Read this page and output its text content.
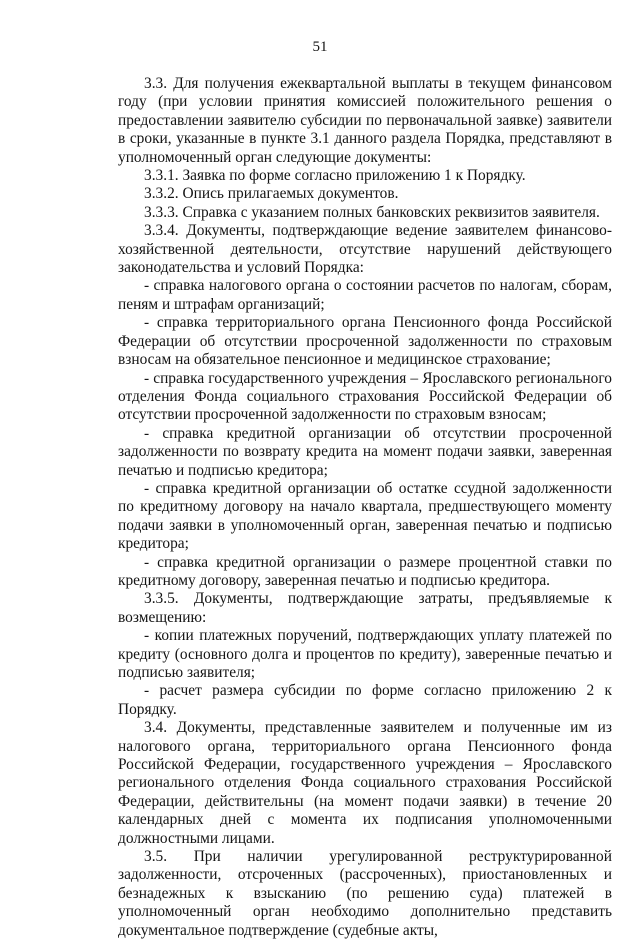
51

3.3. Для получения ежеквартальной выплаты в текущем финансовом году (при условии принятия комиссией положительного решения о предоставлении заявителю субсидии по первоначальной заявке) заявители в сроки, указанные в пункте 3.1 данного раздела Порядка, представляют в уполномоченный орган следующие документы:

3.3.1. Заявка по форме согласно приложению 1 к Порядку.

3.3.2. Опись прилагаемых документов.

3.3.3. Справка с указанием полных банковских реквизитов заявителя.

3.3.4. Документы, подтверждающие ведение заявителем финансово-хозяйственной деятельности, отсутствие нарушений действующего законодательства и условий Порядка:

- справка налогового органа о состоянии расчетов по налогам, сборам, пеням и штрафам организаций;

- справка территориального органа Пенсионного фонда Российской Федерации об отсутствии просроченной задолженности по страховым взносам на обязательное пенсионное и медицинское страхование;

- справка государственного учреждения – Ярославского регионального отделения Фонда социального страхования Российской Федерации об отсутствии просроченной задолженности по страховым взносам;

- справка кредитной организации об отсутствии просроченной задолженности по возврату кредита на момент подачи заявки, заверенная печатью и подписью кредитора;

- справка кредитной организации об остатке ссудной задолженности по кредитному договору на начало квартала, предшествующего моменту подачи заявки в уполномоченный орган, заверенная печатью и подписью кредитора;

- справка кредитной организации о размере процентной ставки по кредитному договору, заверенная печатью и подписью кредитора.

3.3.5. Документы, подтверждающие затраты, предъявляемые к возмещению:

- копии платежных поручений, подтверждающих уплату платежей по кредиту (основного долга и процентов по кредиту), заверенные печатью и подписью заявителя;

- расчет размера субсидии по форме согласно приложению 2 к Порядку.

3.4. Документы, представленные заявителем и полученные им из налогового органа, территориального органа Пенсионного фонда Российской Федерации, государственного учреждения – Ярославского регионального отделения Фонда социального страхования Российской Федерации, действительны (на момент подачи заявки) в течение 20 календарных дней с момента их подписания уполномоченными должностными лицами.

3.5. При наличии урегулированной реструктурированной задолженности, отсроченных (рассроченных), приостановленных и безнадежных к взысканию (по решению суда) платежей в уполномоченный орган необходимо дополнительно представить документальное подтверждение (судебные акты,
